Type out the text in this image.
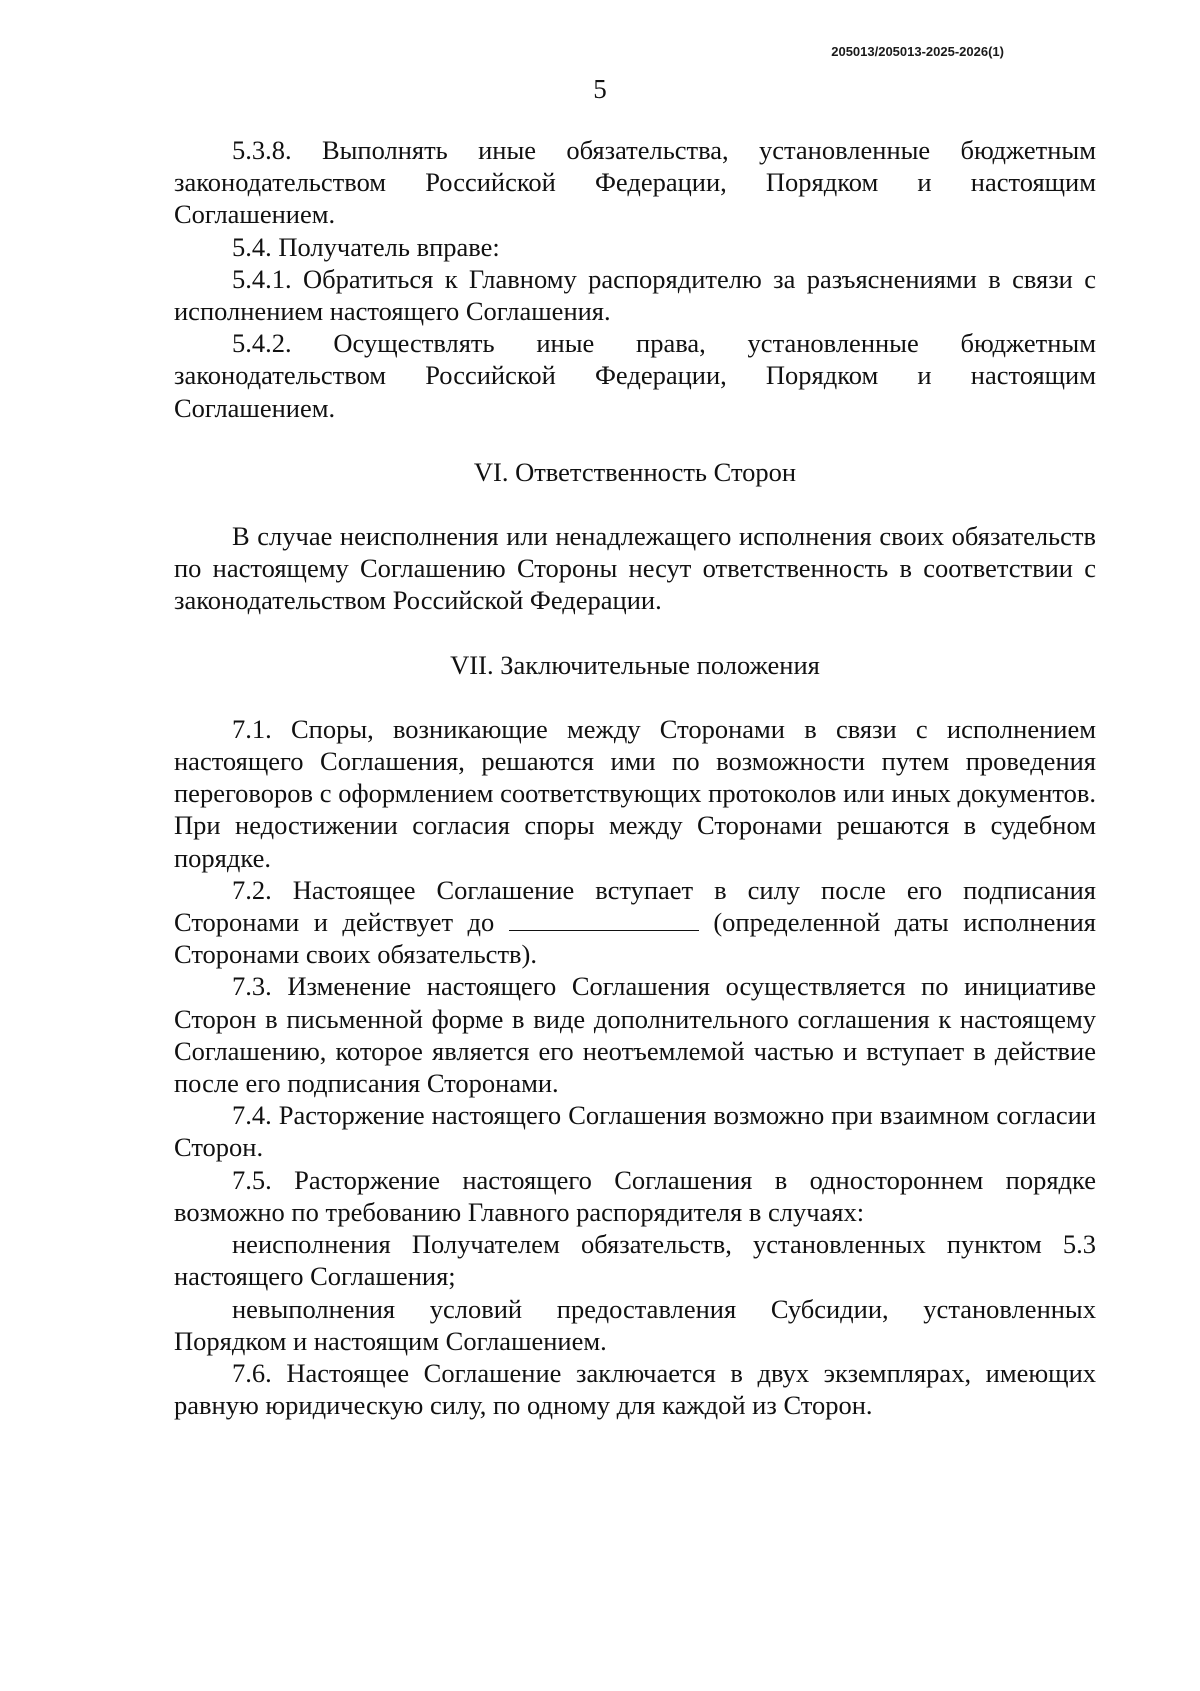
205013/205013-2025-2026(1)
5

5.3.8. Выполнять иные обязательства, установленные бюджетным законодательством Российской Федерации, Порядком и настоящим Соглашением.

5.4. Получатель вправе:

5.4.1. Обратиться к Главному распорядителю за разъяснениями в связи с исполнением настоящего Соглашения.

5.4.2. Осуществлять иные права, установленные бюджетным законодательством Российской Федерации, Порядком и настоящим Соглашением.

VI. Ответственность Сторон

В случае неисполнения или ненадлежащего исполнения своих обязательств по настоящему Соглашению Стороны несут ответственность в соответствии с законодательством Российской Федерации.

VII. Заключительные положения

7.1. Споры, возникающие между Сторонами в связи с исполнением настоящего Соглашения, решаются ими по возможности путем проведения переговоров с оформлением соответствующих протоколов или иных документов. При недостижении согласия споры между Сторонами решаются в судебном порядке.

7.2. Настоящее Соглашение вступает в силу после его подписания Сторонами и действует до	(определенной даты исполнения Сторонами своих обязательств).

7.3. Изменение настоящего Соглашения осуществляется по инициативе Сторон в письменной форме в виде дополнительного соглашения к настоящему Соглашению, которое является его неотъемлемой частью и вступает в действие после его подписания Сторонами.

7.4. Расторжение настоящего Соглашения возможно при взаимном согласии Сторон.

7.5. Расторжение настоящего Соглашения в одностороннем порядке возможно по требованию Главного распорядителя в случаях:

неисполнения Получателем обязательств, установленных пунктом 5.3 настоящего Соглашения;

невыполнения условий предоставления Субсидии, установленных Порядком и настоящим Соглашением.

7.6. Настоящее Соглашение заключается в двух экземплярах, имеющих равную юридическую силу, по одному для каждой из Сторон.
